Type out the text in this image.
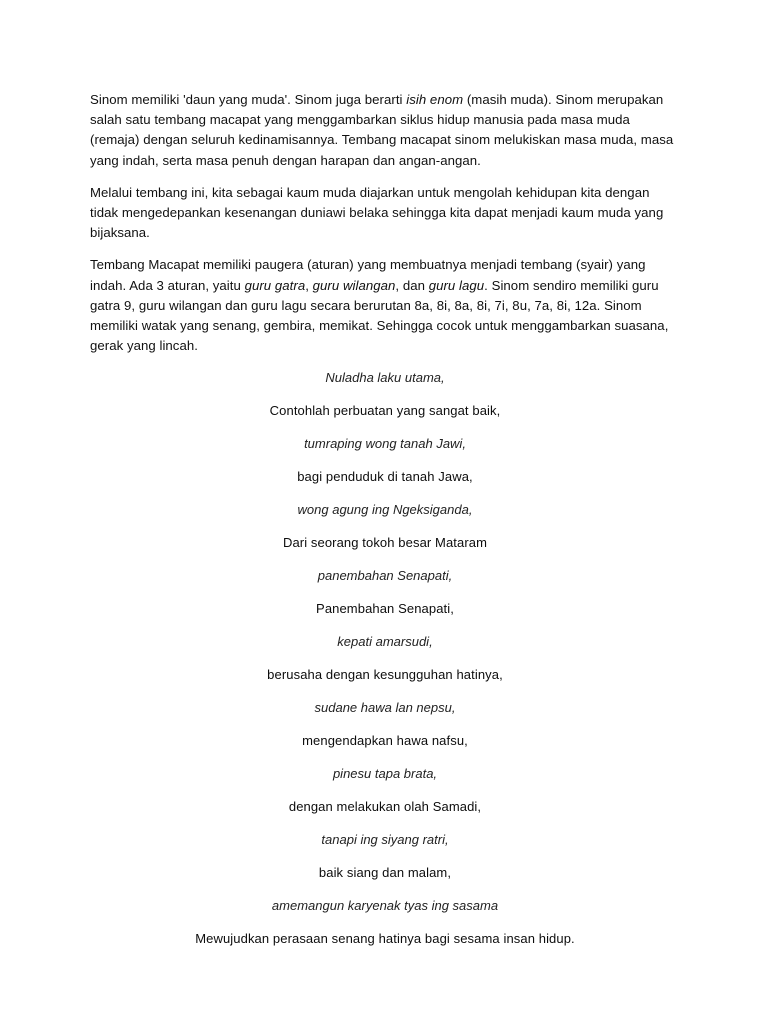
Sinom memiliki 'daun yang muda'. Sinom juga berarti isih enom (masih muda). Sinom merupakan salah satu tembang macapat yang menggambarkan siklus hidup manusia pada masa muda (remaja) dengan seluruh kedinamisannya. Tembang macapat sinom melukiskan masa muda, masa yang indah, serta masa penuh dengan harapan dan angan-angan.

Melalui tembang ini, kita sebagai kaum muda diajarkan untuk mengolah kehidupan kita dengan tidak mengedepankan kesenangan duniawi belaka sehingga kita dapat menjadi kaum muda yang bijaksana.

Tembang Macapat memiliki paugera (aturan) yang membuatnya menjadi tembang (syair) yang indah. Ada 3 aturan, yaitu guru gatra, guru wilangan, dan guru lagu. Sinom sendiro memiliki guru gatra 9, guru wilangan dan guru lagu secara berurutan 8a, 8i, 8a, 8i, 7i, 8u, 7a, 8i, 12a. Sinom memiliki watak yang senang, gembira, memikat. Sehingga cocok untuk menggambarkan suasana, gerak yang lincah.

Nuladha laku utama,
Contohlah perbuatan yang sangat baik,
tumraping wong tanah Jawi,
bagi penduduk di tanah Jawa,
wong agung ing Ngeksiganda,
Dari seorang tokoh besar Mataram
panembahan Senapati,
Panembahan Senapati,
kepati amarsudi,
berusaha dengan kesungguhan hatinya,
sudane hawa lan nepsu,
mengendapkan hawa nafsu,
pinesu tapa brata,
dengan melakukan olah Samadi,
tanapi ing siyang ratri,
baik siang dan malam,
amemangun karyenak tyas ing sasama
Mewujudkan perasaan senang hatinya bagi sesama insan hidup.
